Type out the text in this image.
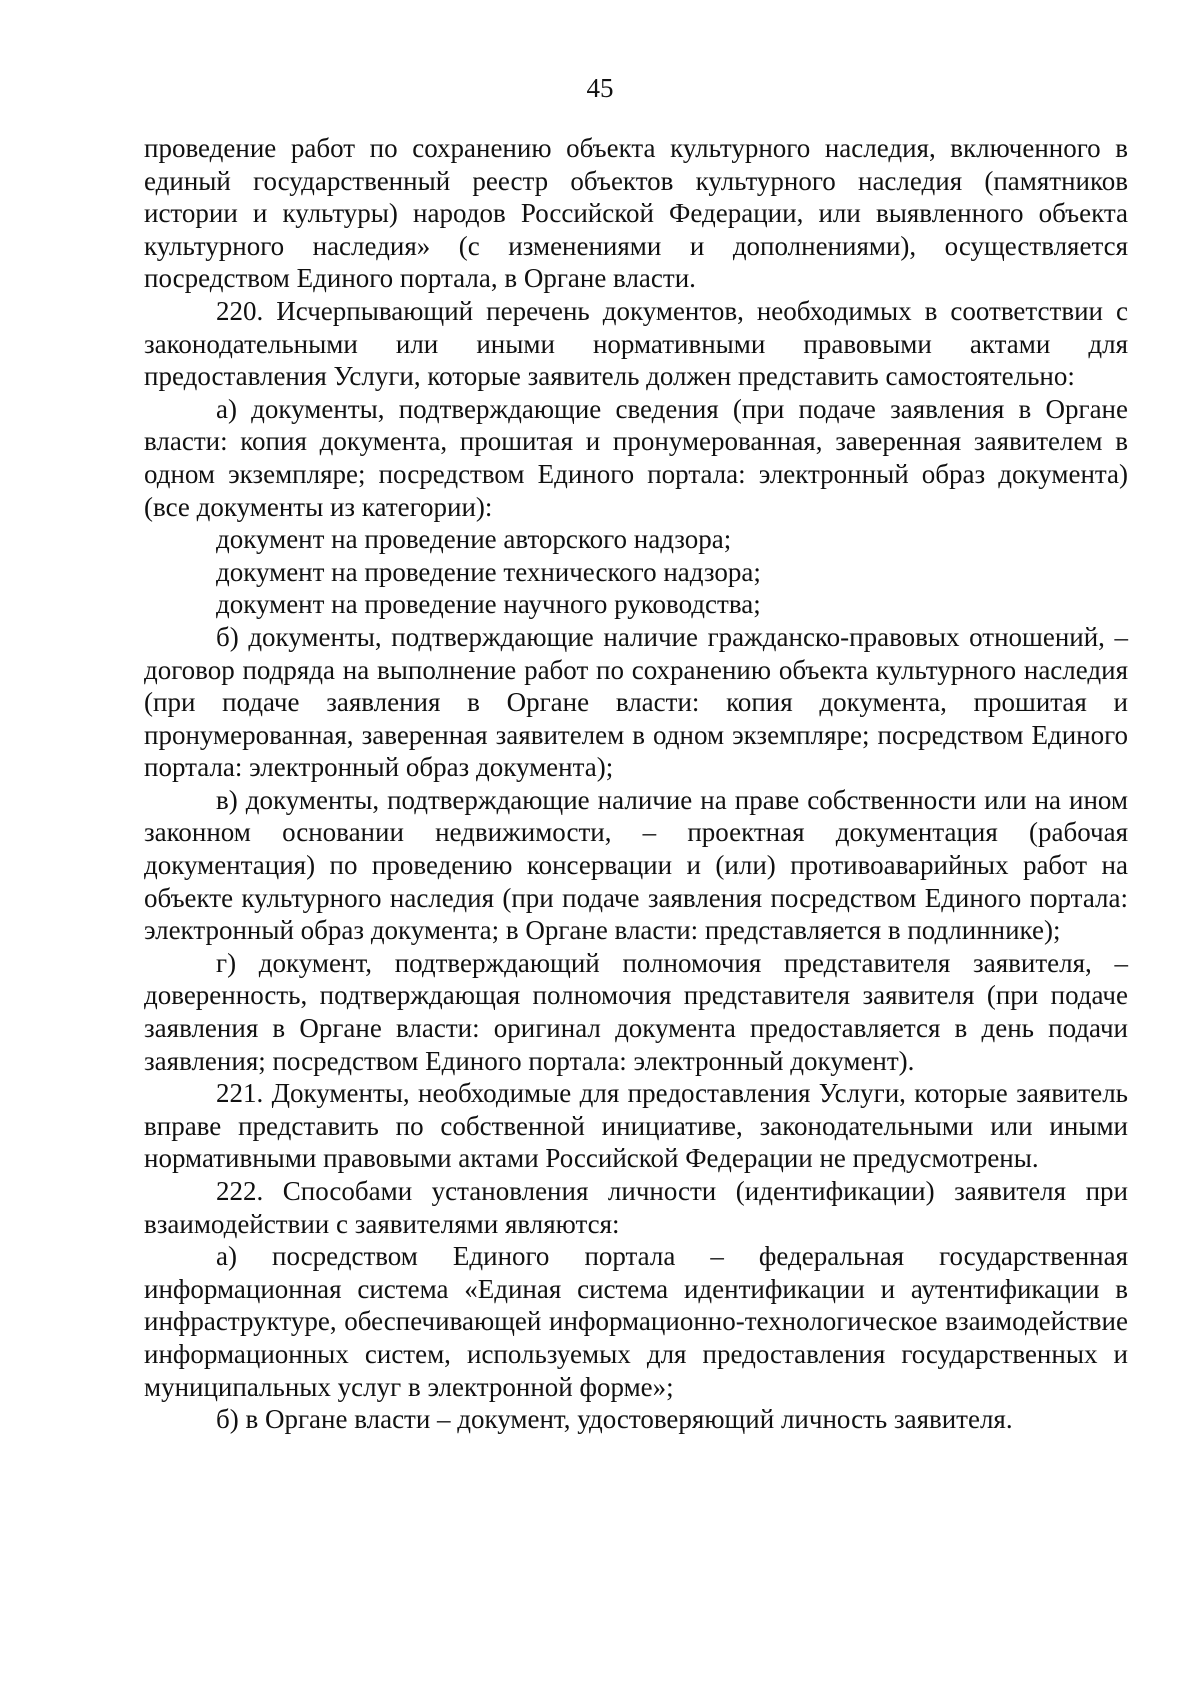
45

проведение работ по сохранению объекта культурного наследия, включенного в единый государственный реестр объектов культурного наследия (памятников истории и культуры) народов Российской Федерации, или выявленного объекта культурного наследия» (с изменениями и дополнениями), осуществляется посредством Единого портала, в Органе власти.

220. Исчерпывающий перечень документов, необходимых в соответствии с законодательными или иными нормативными правовыми актами для предоставления Услуги, которые заявитель должен представить самостоятельно:

а) документы, подтверждающие сведения (при подаче заявления в Органе власти: копия документа, прошитая и пронумерованная, заверенная заявителем в одном экземпляре; посредством Единого портала: электронный образ документа) (все документы из категории):

документ на проведение авторского надзора;

документ на проведение технического надзора;

документ на проведение научного руководства;

б) документы, подтверждающие наличие гражданско-правовых отношений, – договор подряда на выполнение работ по сохранению объекта культурного наследия (при подаче заявления в Органе власти: копия документа, прошитая и пронумерованная, заверенная заявителем в одном экземпляре; посредством Единого портала: электронный образ документа);

в) документы, подтверждающие наличие на праве собственности или на ином законном основании недвижимости, – проектная документация (рабочая документация) по проведению консервации и (или) противоаварийных работ на объекте культурного наследия (при подаче заявления посредством Единого портала: электронный образ документа; в Органе власти: представляется в подлиннике);

г) документ, подтверждающий полномочия представителя заявителя, – доверенность, подтверждающая полномочия представителя заявителя (при подаче заявления в Органе власти: оригинал документа предоставляется в день подачи заявления; посредством Единого портала: электронный документ).

221. Документы, необходимые для предоставления Услуги, которые заявитель вправе представить по собственной инициативе, законодательными или иными нормативными правовыми актами Российской Федерации не предусмотрены.

222. Способами установления личности (идентификации) заявителя при взаимодействии с заявителями являются:

а) посредством Единого портала – федеральная государственная информационная система «Единая система идентификации и аутентификации в инфраструктуре, обеспечивающей информационно-технологическое взаимодействие информационных систем, используемых для предоставления государственных и муниципальных услуг в электронной форме»;

б) в Органе власти – документ, удостоверяющий личность заявителя.
